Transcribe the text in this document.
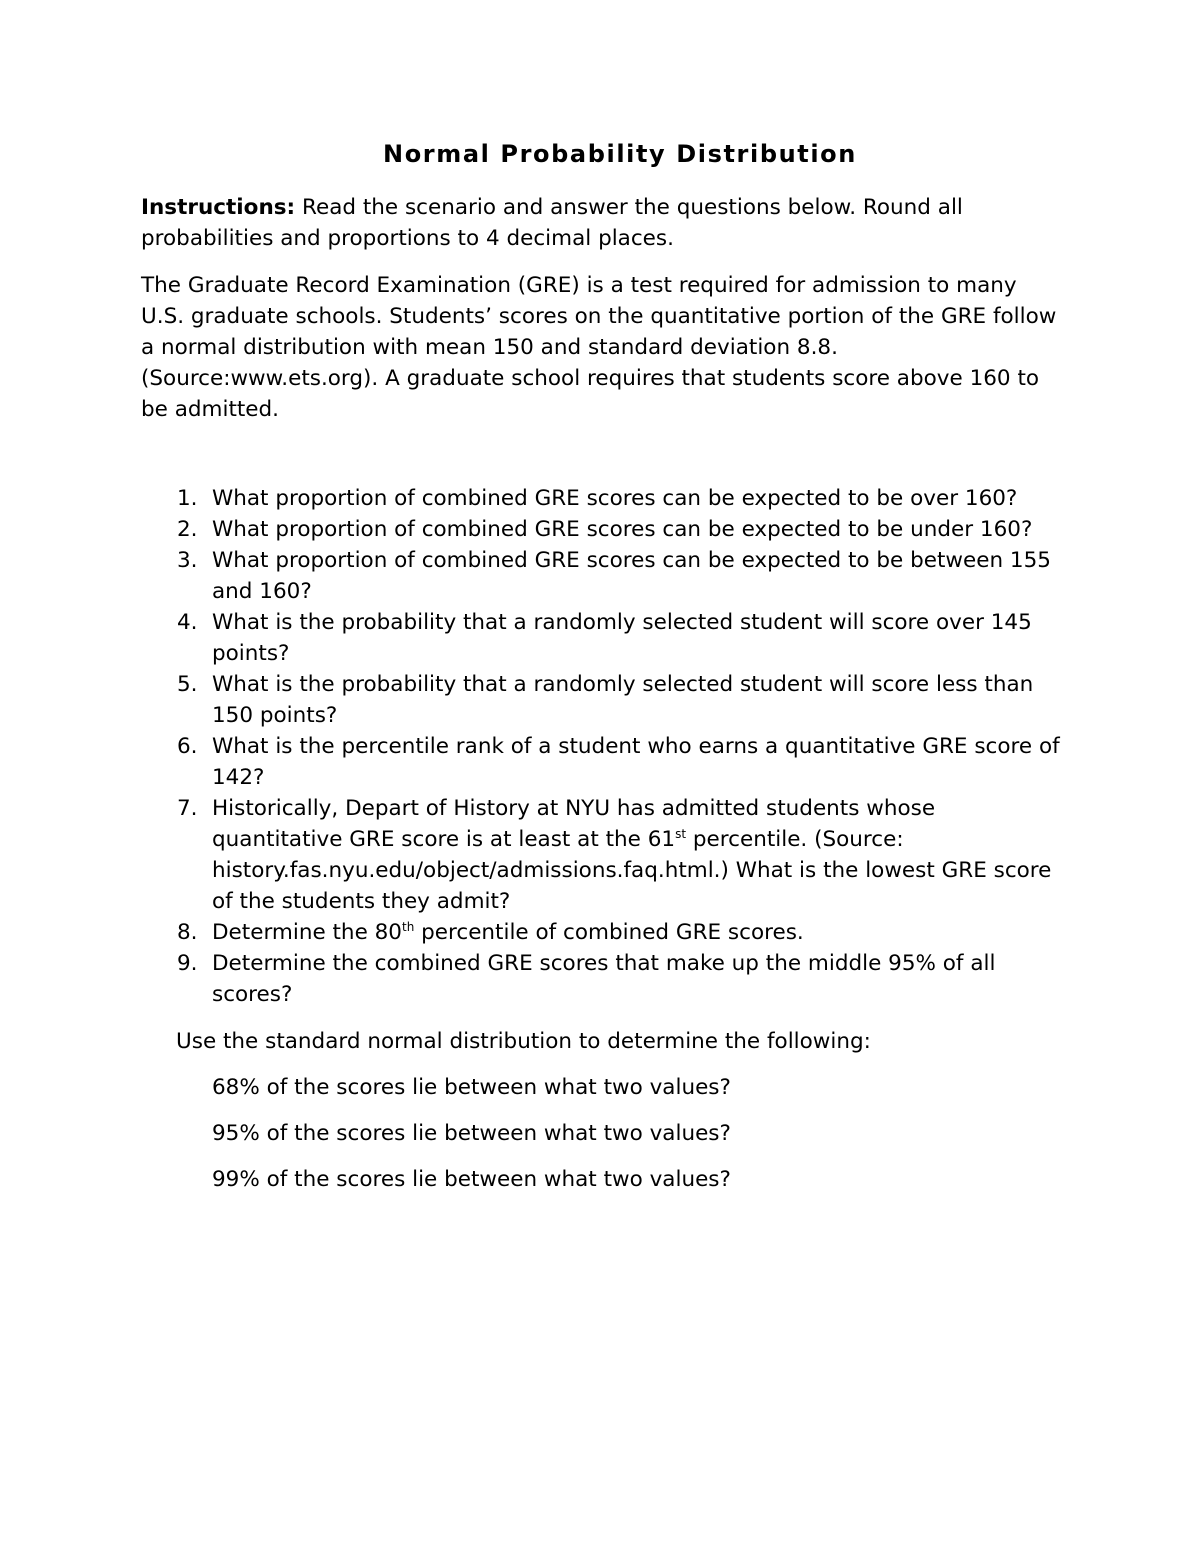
Normal Probability Distribution

Instructions: Read the scenario and answer the questions below. Round all probabilities and proportions to 4 decimal places.

The Graduate Record Examination (GRE) is a test required for admission to many U.S. graduate schools. Students’ scores on the quantitative portion of the GRE follow a normal distribution with mean 150 and standard deviation 8.8. (Source:www.ets.org). A graduate school requires that students score above 160 to be admitted.

1. What proportion of combined GRE scores can be expected to be over 160?
2. What proportion of combined GRE scores can be expected to be under 160?
3. What proportion of combined GRE scores can be expected to be between 155 and 160?
4. What is the probability that a randomly selected student will score over 145 points?
5. What is the probability that a randomly selected student will score less than 150 points?
6. What is the percentile rank of a student who earns a quantitative GRE score of 142?
7. Historically, Depart of History at NYU has admitted students whose quantitative GRE score is at least at the 61st percentile. (Source: history.fas.nyu.edu/object/admissions.faq.html.) What is the lowest GRE score of the students they admit?
8. Determine the 80th percentile of combined GRE scores.
9. Determine the combined GRE scores that make up the middle 95% of all scores?

Use the standard normal distribution to determine the following:

68% of the scores lie between what two values?

95% of the scores lie between what two values?

99% of the scores lie between what two values?
